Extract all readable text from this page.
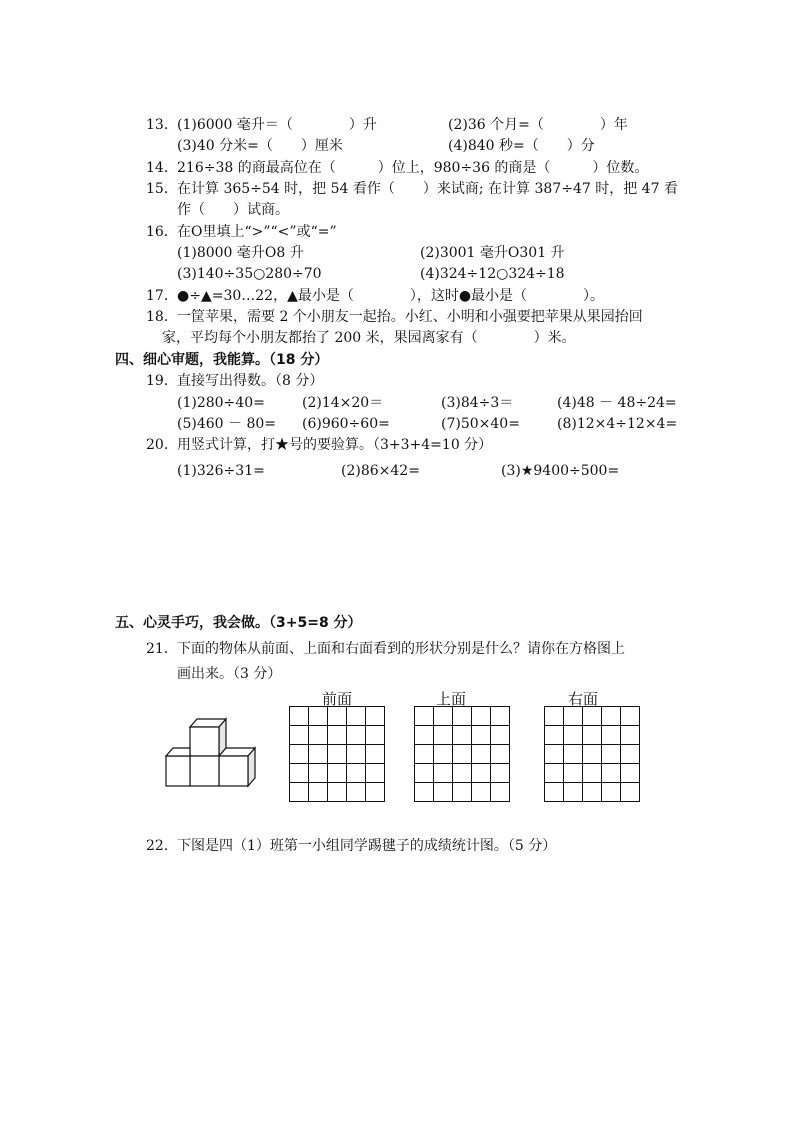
13． (1)6000 毫升＝（　　　　）升	(2)36 个月=（　　　　）年
(3)40 分米=（　　）厘米	(4)840 秒=（　　）分
14． 216÷38 的商最高位在（　　　）位上，980÷36 的商是（　　　）位数。
15． 在计算 365÷54 时，把 54 看作（　　）来试商; 在计算 387÷47 时，把 47 看
作（　　）试商。
16． 在O里填上“>”“<”或“=”
(1)8000 毫升O8 升	(2)3001 毫升O301 升
(3)140÷35○280÷70	(4)324÷12○324÷18
17． ●÷▲=30…22，▲最小是（　　　　），这时●最小是（　　　　）。
18． 一筐苹果，需要 2 个小朋友一起抬。小红、小明和小强要把苹果从果园抬回
家，平均每个小朋友都抬了 200 米，果园离家有（　　　　）米。
四、细心审题，我能算。（18 分）
19． 直接写出得数。（8 分）
(1)280÷40=	(2)14×20＝	(3)84÷3＝	(4)48 － 48÷24=
(5)460 － 80= (6)960÷60=	(7)50×40=	(8)12×4÷12×4=
20． 用竖式计算，打★号的要验算。（3+3+4=10 分）
(1)326÷31=	(2)86×42=	(3)★9400÷500=
五、心灵手巧，我会做。（3+5=8 分）
21． 下面的物体从前面、上面和右面看到的形状分别是什么？请你在方格图上
画出来。（3 分）
前面

					上面

					右面

22． 下图是四（1）班第一小组同学踢毽子的成绩统计图。（5 分）
